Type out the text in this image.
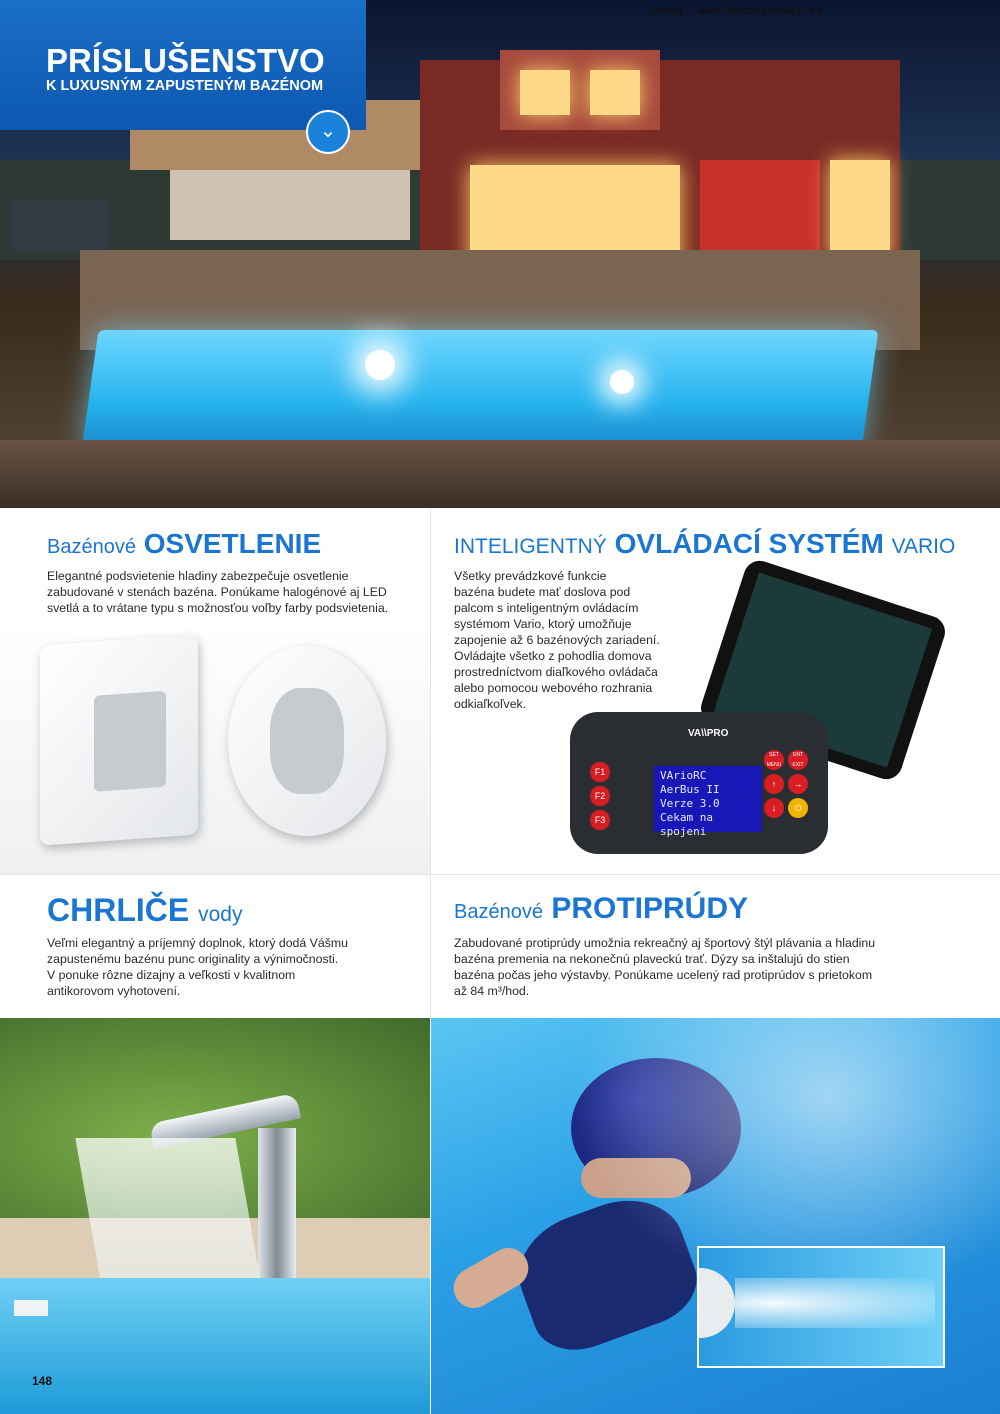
PRÍSLUŠENSTVO
K LUXUSNÝM ZAPUSTENÝM BAZÉNOM
⌄
Zdroj: www.AkcneLetaky.sk
Bazénové OSVETLENIE
Elegantné podsvietenie hladiny zabezpečuje osvetlenie
zabudované v stenách bazéna. Ponúkame halogénové aj LED
svetlá a to vrátane typu s možnosťou voľby farby podsvietenia.
INTELIGENTNÝ OVLÁDACÍ SYSTÉM VARIO
Všetky prevádzkové funkcie
bazéna budete mať doslova pod
palcom s inteligentným ovládacím
systémom Vario, ktorý umožňuje
zapojenie až 6 bazénových zariadení.
Ovládajte všetko z pohodlia domova
prostredníctvom diaľkového ovládača
alebo pomocou webového rozhrania
odkiaľkoľvek.
VA\\PRO
VArioRC
AerBus II
Verze 3.0
Cekam na spojeni
F1
F2
F3
SET MENU
ENT EXIT
↑	→
↓	⏻
CHRLIČE vody
Veľmi elegantný a príjemný doplnok, ktorý dodá Vášmu
zapustenému bazénu punc originality a výnimočnosti.
V ponuke rôzne dizajny a veľkosti v kvalitnom
antikorovom vyhotovení.
Bazénové PROTIPRÚDY
Zabudované protiprúdy umožnia rekreačný aj športový štýl plávania a hladinu
bazéna premenia na nekonečnú plaveckú trať. Dýzy sa inštalujú do stien
bazéna počas jeho výstavby. Ponúkame ucelený rad protiprúdov s prietokom
až 84 m³/hod.
148
